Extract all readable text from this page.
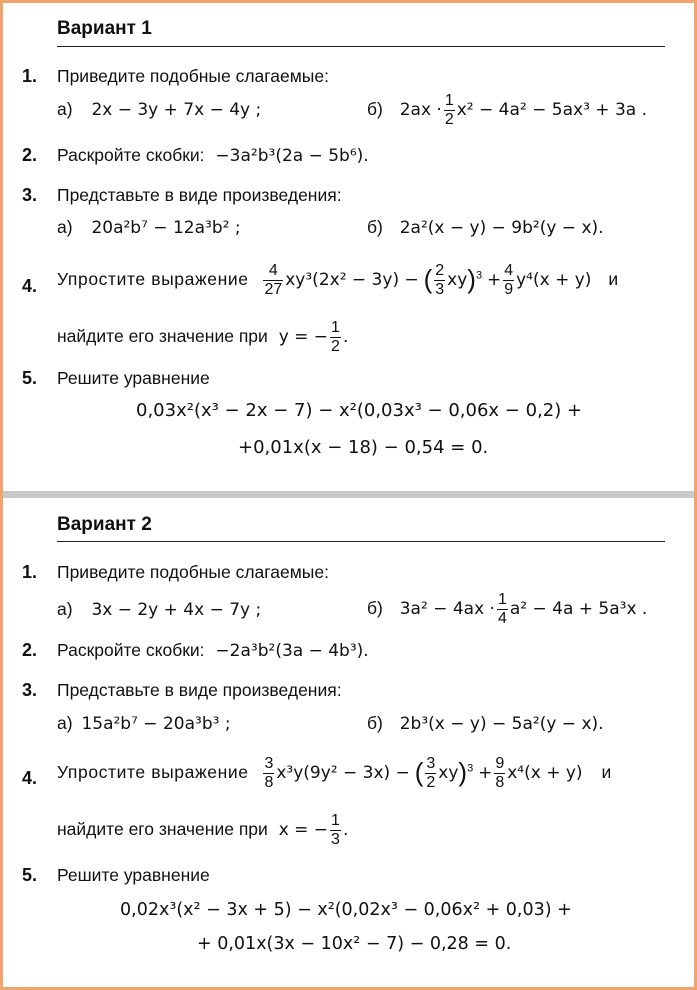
Вариант 1
1. Приведите подобные слагаемые:
а) 2x − 3y + 7x − 4y ;	б) $2ax \cdot \frac{1}{2} x^2 - 4a^2 - 5ax^3 + 3a$ .
2. Раскройте скобки: −3a²b³(2a − 5b⁶).
3. Представьте в виде произведения:
а) 20a²b⁷ − 12a³b² ;	б) 2a²(x − y) − 9b²(y − x).
4. Упростите выражение $\frac{4}{27} xy^3(2x^2 - 3y)$ − ( $\frac{2}{3} xy)^3 + \frac{4}{9} y^4(x + y)$ и
найдите его значение при y = − $\frac{1}{2}$ .
5. Решите уравнение
0,03x²(x³ − 2x − 7) − x²(0,03x³ − 0,06x − 0,2) +
+0,01x(x − 18) − 0,54 = 0.
Вариант 2
1. Приведите подобные слагаемые:
а) 3x − 2y + 4x − 7y ;	б) $3a^2 - 4ax \cdot \frac{1}{4} a^2 - 4a + 5a^3x$ .
2. Раскройте скобки: −2a³b²(3a − 4b³).
3. Представьте в виде произведения:
а) 15a²b⁷ − 20a³b³ ;	б) 2b³(x − y) − 5a²(y − x).
4. Упростите выражение $\frac{3}{8} x^3y(9y^2 - 3x)$ − ( $\frac{3}{2} xy)^3 + \frac{9}{8} x^4(x + y)$ и
найдите его значение при x = − $\frac{1}{3}$ .
5. Решите уравнение
0,02x³(x² − 3x + 5) − x²(0,02x³ − 0,06x² + 0,03) +
+ 0,01x(3x − 10x² − 7) − 0,28 = 0.
